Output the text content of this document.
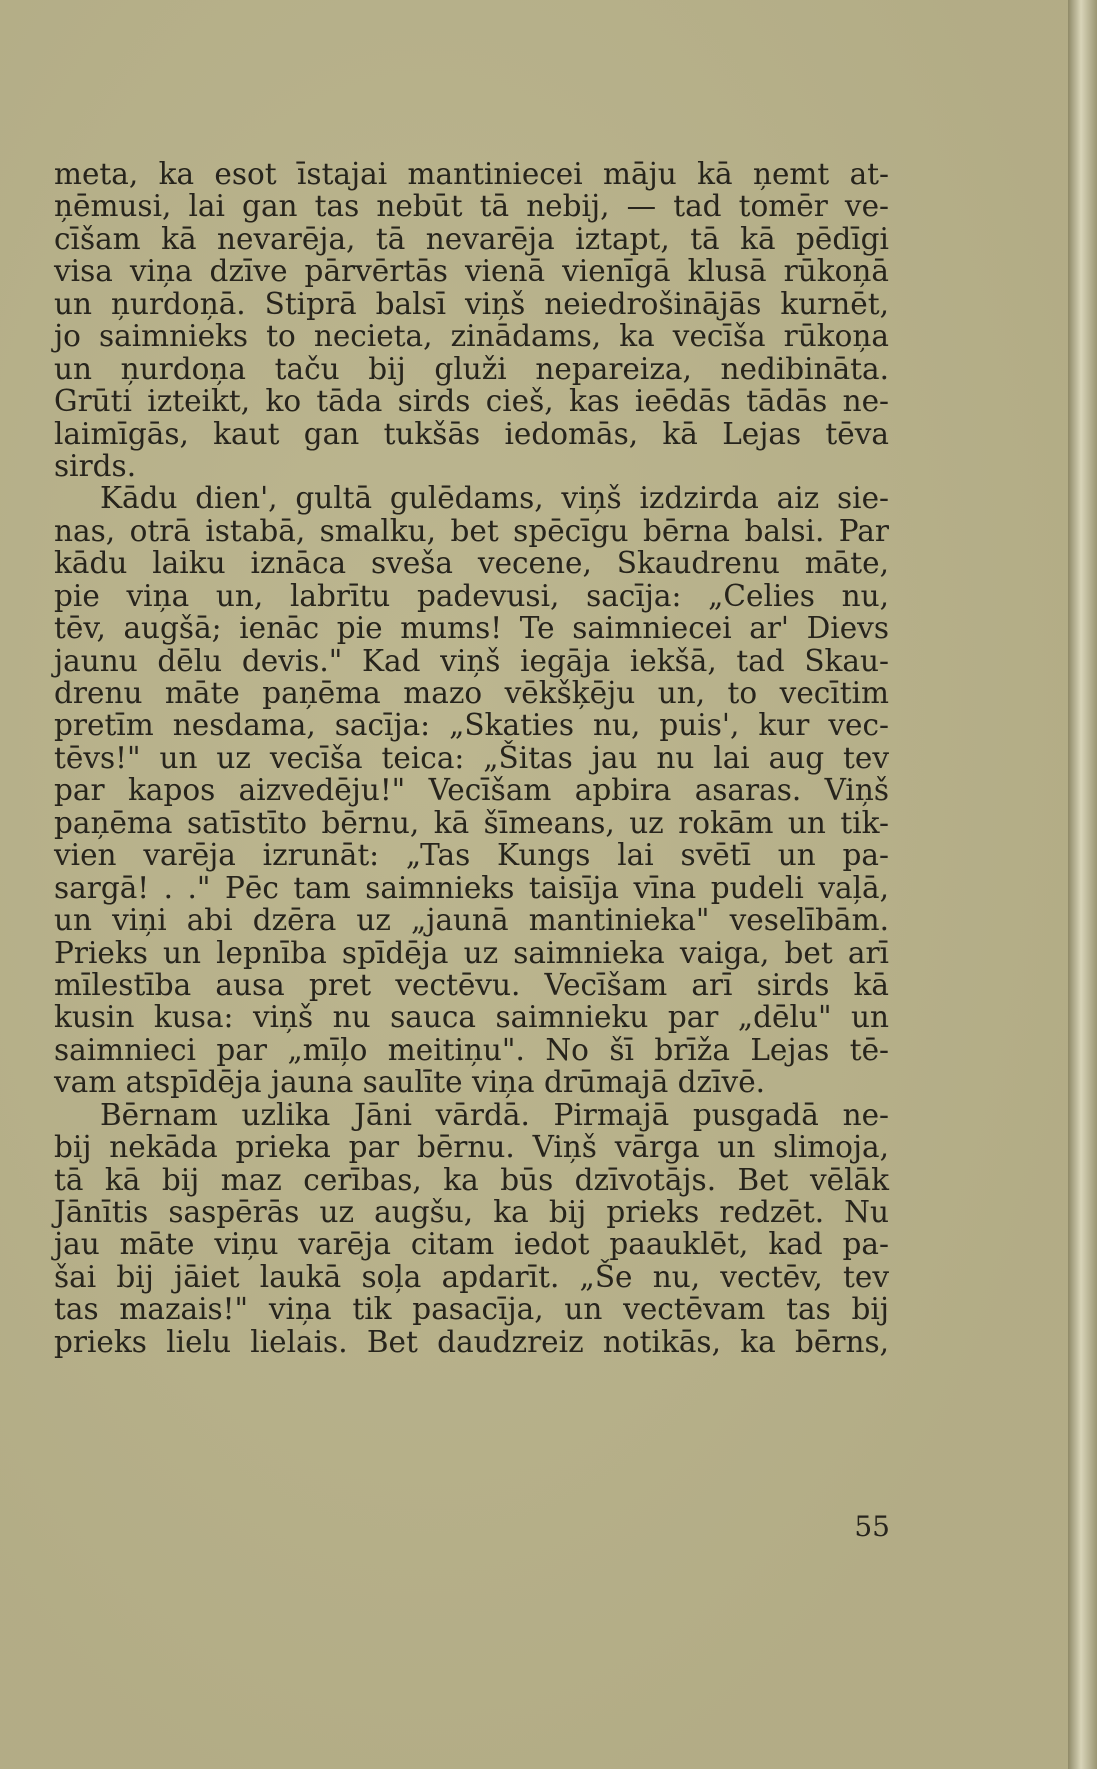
meta, ka esot īstajai mantiniecei māju kā ņemt at-
ņēmusi, lai gan tas nebūt tā nebij, — tad tomēr ve-
cīšam kā nevarēja, tā nevarēja iztapt, tā kā pēdīgi
visa viņa dzīve pārvērtās vienā vienīgā klusā rūkoņā
un ņurdoņā. Stiprā balsī viņš neiedrošinājās kurnēt,
jo saimnieks to necieta, zinādams, ka vecīša rūkoņa
un ņurdoņa taču bij gluži nepareiza, nedibināta.
Grūti izteikt, ko tāda sirds cieš, kas ieēdās tādās ne-
laimīgās, kaut gan tukšās iedomās, kā Lejas tēva
sirds.
Kādu dien', gultā gulēdams, viņš izdzirda aiz sie-
nas, otrā istabā, smalku, bet spēcīgu bērna balsi. Par
kādu laiku iznāca sveša vecene, Skaudrenu māte,
pie viņa un, labrītu padevusi, sacīja: „Celies nu,
tēv, augšā; ienāc pie mums! Te saimniecei ar' Dievs
jaunu dēlu devis." Kad viņš iegāja iekšā, tad Skau-
drenu māte paņēma mazo vēkšķēju un, to vecītim
pretīm nesdama, sacīja: „Skaties nu, puis', kur vec-
tēvs!" un uz vecīša teica: „Šitas jau nu lai aug tev
par kapos aizvedēju!" Vecīšam apbira asaras. Viņš
paņēma satīstīto bērnu, kā šīmeans, uz rokām un tik-
vien varēja izrunāt: „Tas Kungs lai svētī un pa-
sargā! . ." Pēc tam saimnieks taisīja vīna pudeli vaļā,
un viņi abi dzēra uz „jaunā mantinieka" veselībām.
Prieks un lepnība spīdēja uz saimnieka vaiga, bet arī
mīlestība ausa pret vectēvu. Vecīšam arī sirds kā
kusin kusa: viņš nu sauca saimnieku par „dēlu" un
saimnieci par „mīļo meitiņu". No šī brīža Lejas tē-
vam atspīdēja jauna saulīte viņa drūmajā dzīvē.
Bērnam uzlika Jāni vārdā. Pirmajā pusgadā ne-
bij nekāda prieka par bērnu. Viņš vārga un slimoja,
tā kā bij maz cerības, ka būs dzīvotājs. Bet vēlāk
Jānītis saspērās uz augšu, ka bij prieks redzēt. Nu
jau māte viņu varēja citam iedot paauklēt, kad pa-
šai bij jāiet laukā soļa apdarīt. „Še nu, vectēv, tev
tas mazais!" viņa tik pasacīja, un vectēvam tas bij
prieks lielu lielais. Bet daudzreiz notikās, ka bērns,
55
